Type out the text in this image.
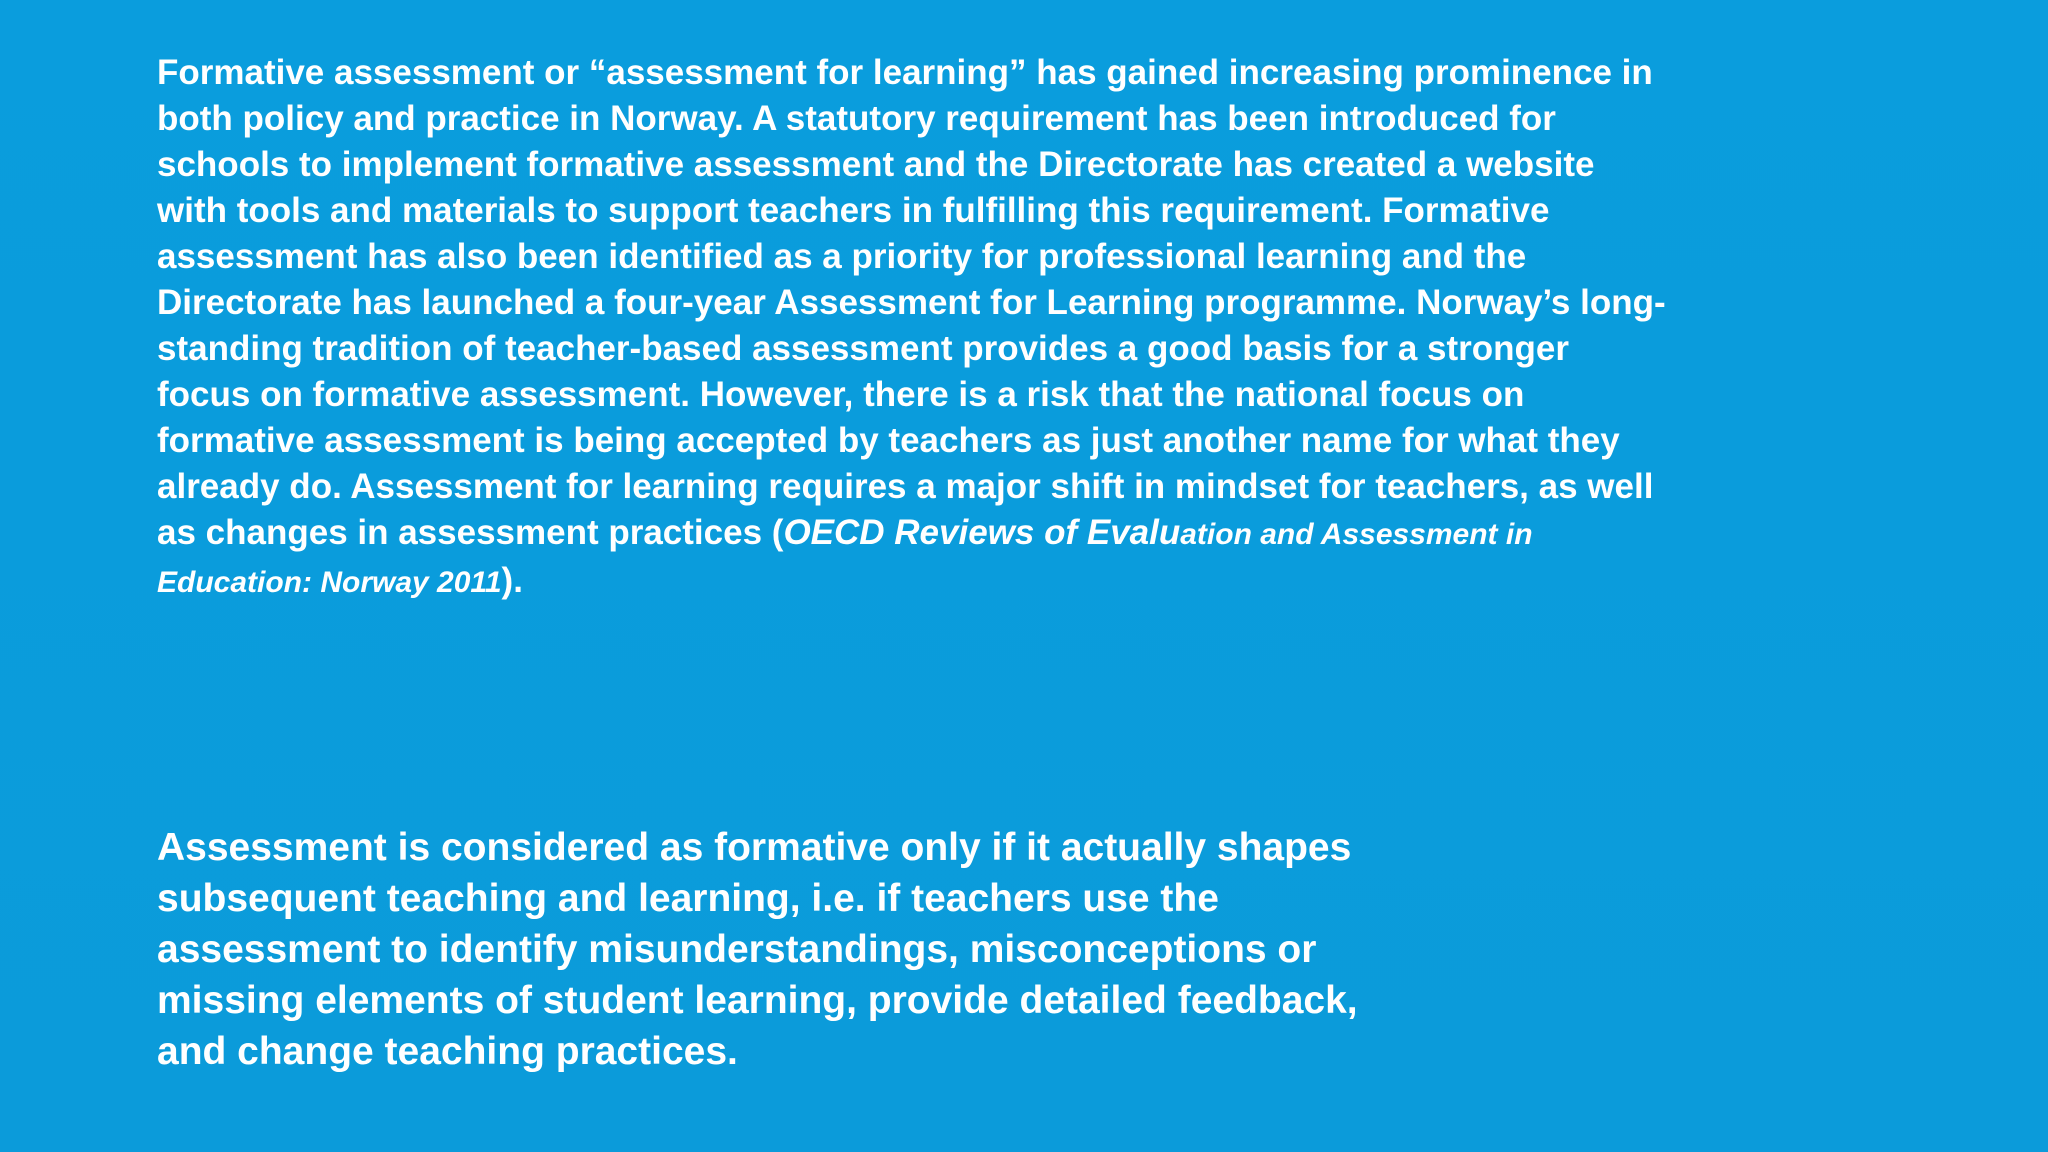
Formative assessment or “assessment for learning” has gained increasing prominence in both policy and practice in Norway. A statutory requirement has been introduced for schools to implement formative assessment and the Directorate has created a website with tools and materials to support teachers in fulfilling this requirement. Formative assessment has also been identified as a priority for professional learning and the Directorate has launched a four-year Assessment for Learning programme. Norway’s long-standing tradition of teacher-based assessment provides a good basis for a stronger focus on formative assessment. However, there is a risk that the national focus on formative assessment is being accepted by teachers as just another name for what they already do. Assessment for learning requires a major shift in mindset for teachers, as well as changes in assessment practices (OECD Reviews of Evaluation and Assessment in Education: Norway 2011).

Assessment is considered as formative only if it actually shapes subsequent teaching and learning, i.e. if teachers use the assessment to identify misunderstandings, misconceptions or missing elements of student learning, provide detailed feedback, and change teaching practices.
